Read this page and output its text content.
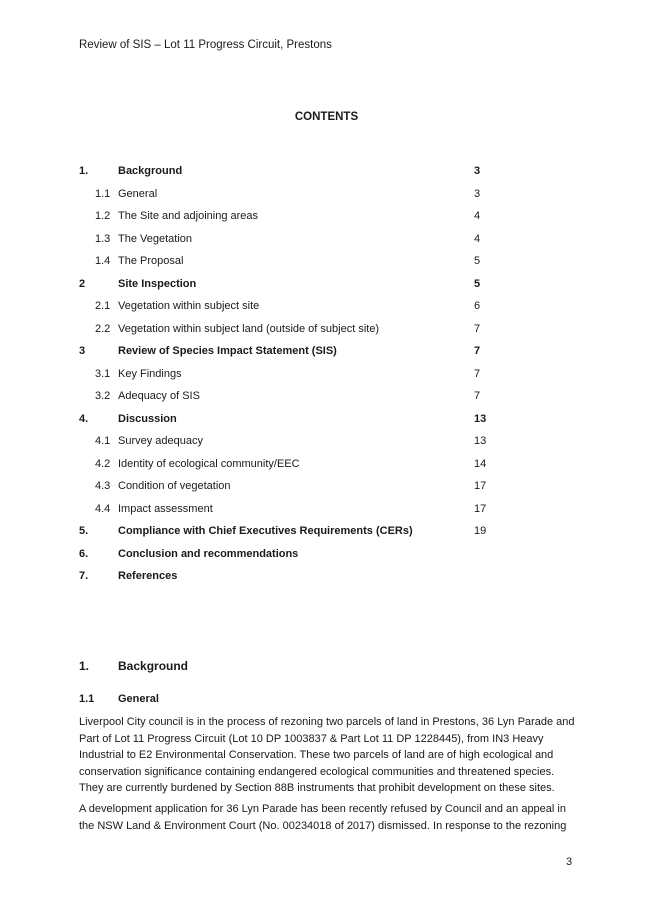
Review of SIS – Lot 11 Progress Circuit, Prestons
CONTENTS
1.	Background	3
1.1 General	3
1.2 The Site and adjoining areas	4
1.3 The Vegetation	4
1.4 The Proposal	5
2	Site Inspection	5
2.1 Vegetation within subject site	6
2.2 Vegetation within subject land (outside of subject site)	7
3	Review of Species Impact Statement (SIS)	7
3.1 Key Findings	7
3.2 Adequacy of SIS	7
4.	Discussion	13
4.1 Survey adequacy	13
4.2 Identity of ecological community/EEC	14
4.3 Condition of vegetation	17
4.4 Impact assessment	17
5.	Compliance with Chief Executives Requirements (CERs)	19
6.	Conclusion and recommendations
7.	References
1. Background
1.1 General
Liverpool City council is in the process of rezoning two parcels of land in Prestons, 36 Lyn Parade and
Part of Lot 11 Progress Circuit (Lot 10 DP 1003837 & Part Lot 11 DP 1228445), from IN3 Heavy
Industrial to E2 Environmental Conservation. These two parcels of land are of high ecological and
conservation significance containing endangered ecological communities and threatened species.
They are currently burdened by Section 88B instruments that prohibit development on these sites.
A development application for 36 Lyn Parade has been recently refused by Council and an appeal in
the NSW Land & Environment Court (No. 00234018 of 2017) dismissed. In response to the rezoning
3
